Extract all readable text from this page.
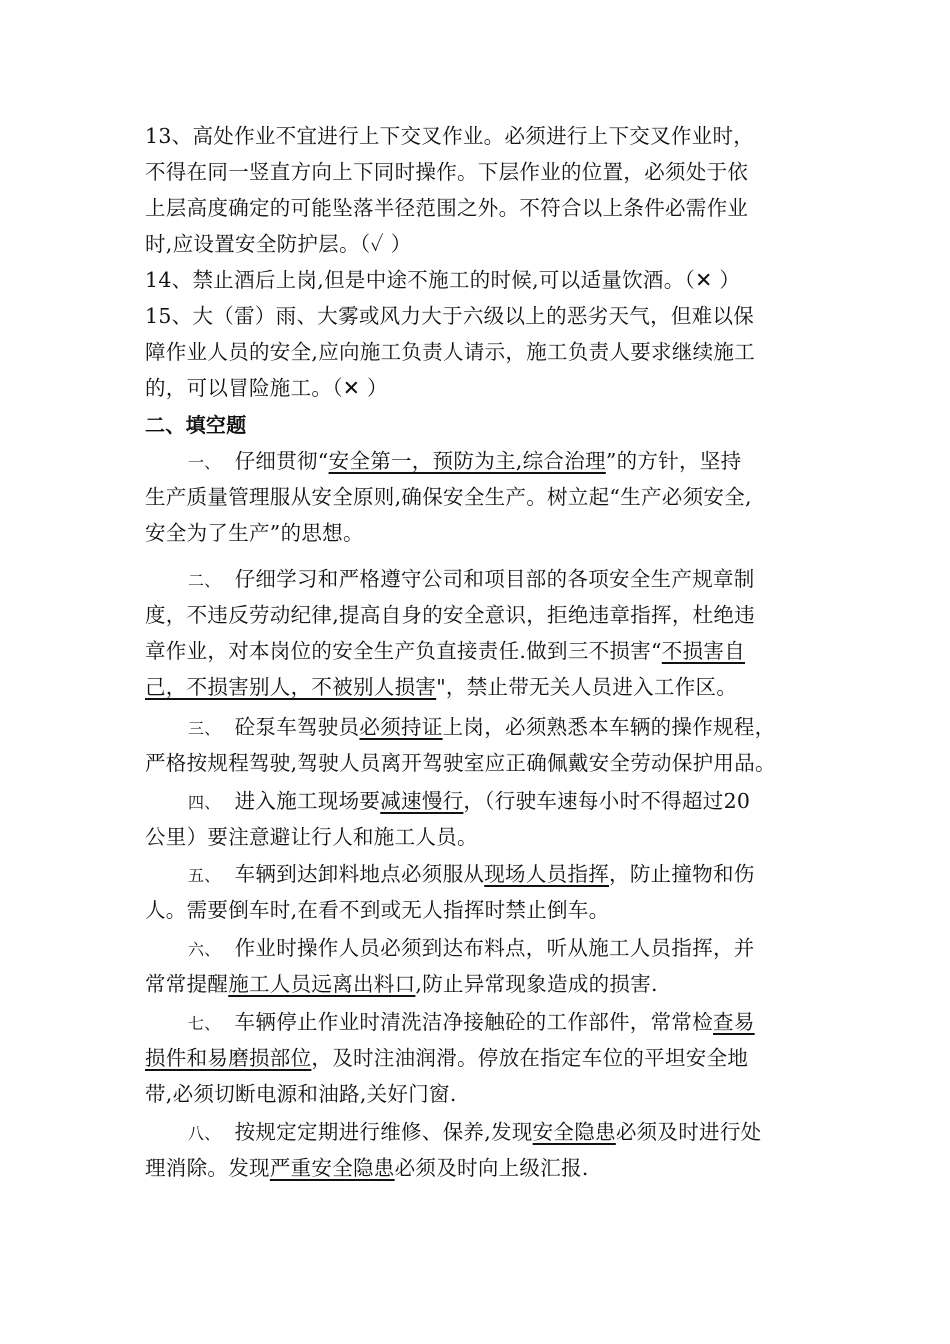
13、高处作业不宜进行上下交叉作业。必须进行上下交叉作业时，
不得在同一竖直方向上下同时操作。下层作业的位置，必须处于依
上层高度确定的可能坠落半径范围之外。不符合以上条件必需作业
时,应设置安全防护层。（✓ ）
14、禁止酒后上岗,但是中途不施工的时候,可以适量饮酒。（✕ ）
15、大（雷）雨、大雾或风力大于六级以上的恶劣天气，但难以保
障作业人员的安全,应向施工负责人请示，施工负责人要求继续施工
的，可以冒险施工。（✕ ）
二、填空题
一、 仔细贯彻“安全第一，预防为主,综合治理”的方针，坚持
生产质量管理服从安全原则,确保安全生产。树立起“生产必须安全,
安全为了生产”的思想。
二、 仔细学习和严格遵守公司和项目部的各项安全生产规章制
度，不违反劳动纪律,提高自身的安全意识，拒绝违章指挥，杜绝违
章作业，对本岗位的安全生产负直接责任.做到三不损害“不损害自
己，不损害别人，不被别人损害"，禁止带无关人员进入工作区。
三、 砼泵车驾驶员必须持证上岗，必须熟悉本车辆的操作规程，
严格按规程驾驶,驾驶人员离开驾驶室应正确佩戴安全劳动保护用品。
四、 进入施工现场要减速慢行，（行驶车速每小时不得超过20
公里）要注意避让行人和施工人员。
五、 车辆到达卸料地点必须服从现场人员指挥，防止撞物和伤
人。需要倒车时,在看不到或无人指挥时禁止倒车。
六、 作业时操作人员必须到达布料点，听从施工人员指挥，并
常常提醒施工人员远离出料口,防止异常现象造成的损害.
七、 车辆停止作业时清洗洁净接触砼的工作部件，常常检查易
损件和易磨损部位，及时注油润滑。停放在指定车位的平坦安全地
带,必须切断电源和油路,关好门窗.
八、 按规定定期进行维修、保养,发现安全隐患必须及时进行处
理消除。发现严重安全隐患必须及时向上级汇报.
